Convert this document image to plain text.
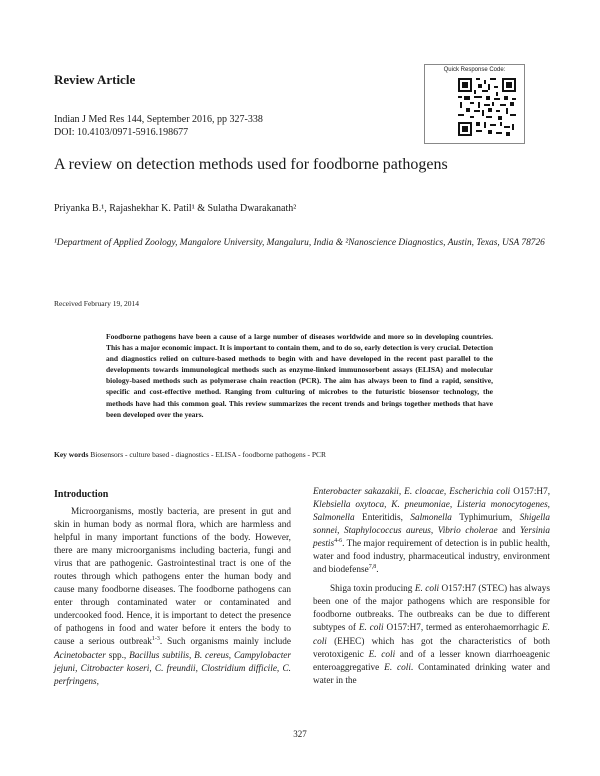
Review Article
Indian J Med Res 144, September 2016, pp 327-338
DOI: 10.4103/0971-5916.198677
Quick Response Code:
A review on detection methods used for foodborne pathogens
Priyanka B.¹, Rajashekhar K. Patil¹ & Sulatha Dwarakanath²
¹Department of Applied Zoology, Mangalore University, Mangaluru, India & ²Nanoscience Diagnostics, Austin, Texas, USA 78726
Received February 19, 2014

Foodborne pathogens have been a cause of a large number of diseases worldwide and more so in developing countries. This has a major economic impact. It is important to contain them, and to do so, early detection is very crucial. Detection and diagnostics relied on culture-based methods to begin with and have developed in the recent past parallel to the developments towards immunological methods such as enzyme-linked immunosorbent assays (ELISA) and molecular biology-based methods such as polymerase chain reaction (PCR). The aim has always been to find a rapid, sensitive, specific and cost-effective method. Ranging from culturing of microbes to the futuristic biosensor technology, the methods have had this common goal. This review summarizes the recent trends and brings together methods that have been developed over the years.

Key words Biosensors - culture based - diagnostics - ELISA - foodborne pathogens - PCR
Introduction

Microorganisms, mostly bacteria, are present in gut and skin in human body as normal flora, which are harmless and helpful in many important functions of the body. However, there are many microorganisms including bacteria, fungi and virus that are pathogenic. Gastrointestinal tract is one of the routes through which pathogens enter the human body and cause many foodborne diseases. The foodborne pathogens can enter through contaminated water or contaminated and undercooked food. Hence, it is important to detect the presence of pathogens in food and water before it enters the body to cause a serious outbreak$^{1-3}$. Such organisms mainly include Acinetobacter spp., Bacillus subtilis, B. cereus, Campylobacter jejuni, Citrobacter koseri, C. freundii, Clostridium difficile, C. perfringens,

Enterobacter sakazakii, E. cloacae, Escherichia coli O157:H7, Klebsiella oxytoca, K. pneumoniae, Listeria monocytogenes, Salmonella Enteritidis, Salmonella Typhimurium, Shigella sonnei, Staphylococcus aureus, Vibrio cholerae and Yersinia pestis$^{4-6}$. The major requirement of detection is in public health, water and food industry, pharmaceutical industry, environment and biodefense$^{7,8}$.

Shiga toxin producing E. coli O157:H7 (STEC) has always been one of the major pathogens which are responsible for foodborne outbreaks. The outbreaks can be due to different subtypes of E. coli O157:H7, termed as enterohaemorrhagic E. coli (EHEC) which has got the characteristics of both verotoxigenic E. coli and of a lesser known diarrhoeagenic enteroaggregative E. coli. Contaminated drinking water and water in the

327
